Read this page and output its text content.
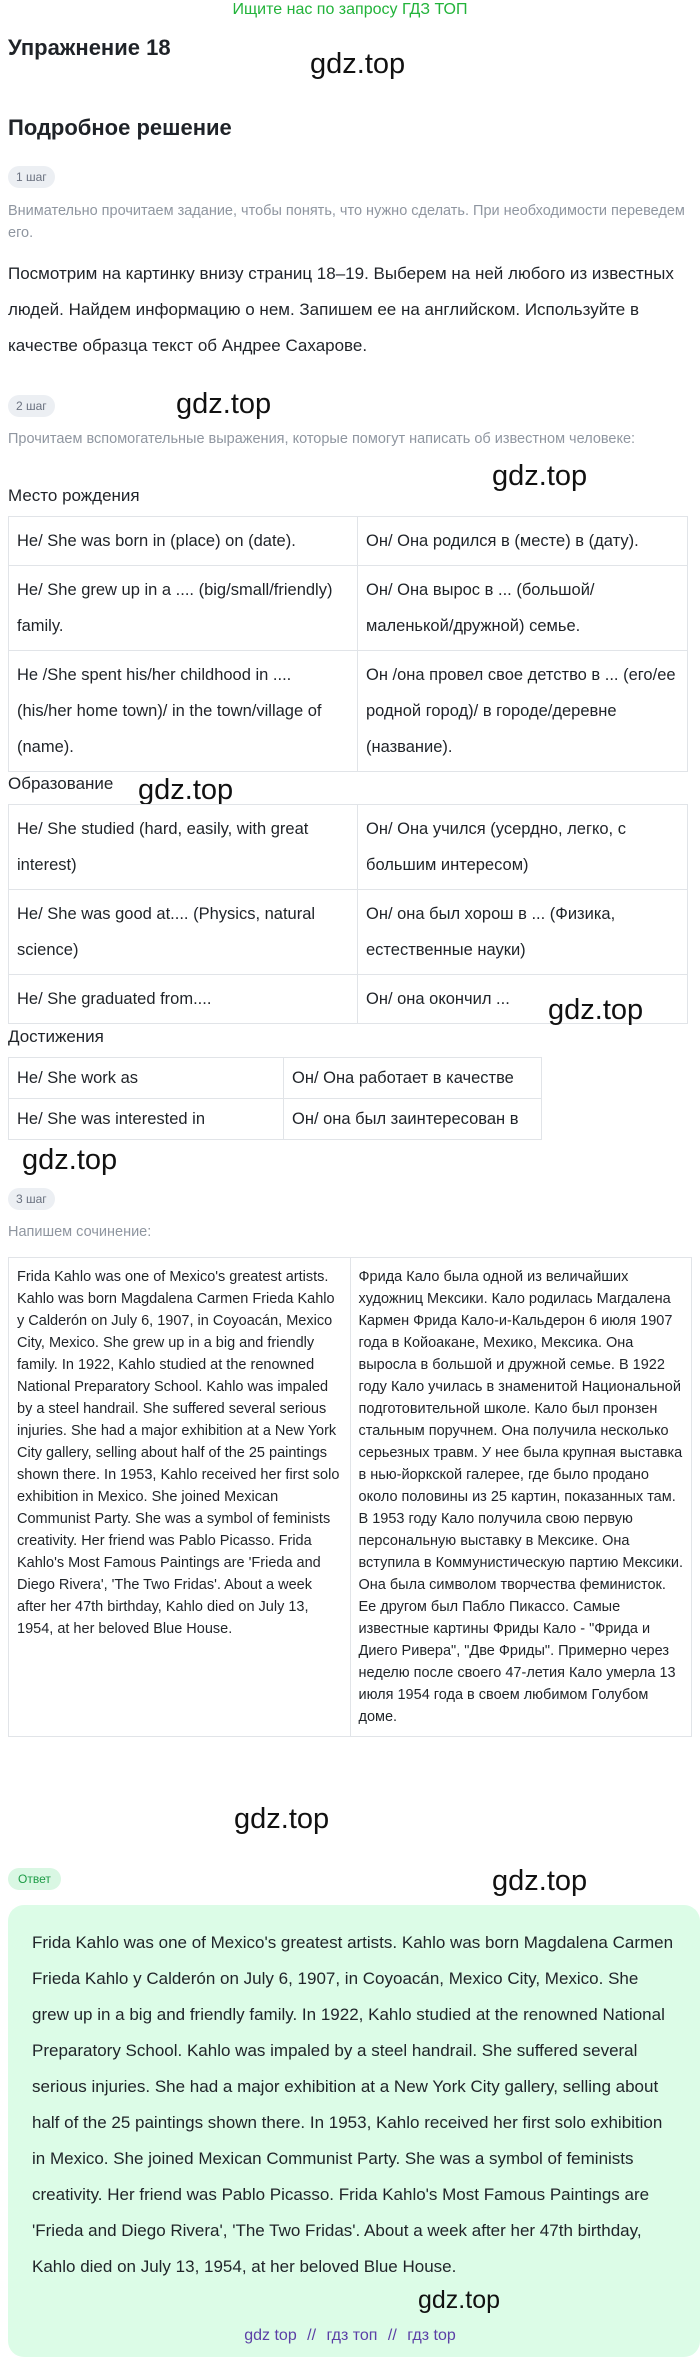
Ищите нас по запросу ГДЗ ТОП
Упражнение 18
gdz.top
Подробное решение
1 шаг
Внимательно прочитаем задание, чтобы понять, что нужно сделать. При необходимости переведем его.
Посмотрим на картинку внизу страниц 18–19. Выберем на ней любого из известных людей. Найдем информацию о нем. Запишем ее на английском. Используйте в качестве образца текст об Андрее Сахарове.
2 шаг	gdz.top
Прочитаем вспомогательные выражения, которые помогут написать об известном человеке:
gdz.top
Место рождения
He/ She was born in (place) on (date).	Он/ Она родился в (месте) в (дату).
He/ She grew up in a .... (big/small/friendly) family.	Он/ Она вырос в ... (большой/ маленькой/дружной) семье.
He /She spent his/her childhood in .... (his/her home town)/ in the town/village of (name).	Он /она провел свое детство в ... (его/ее родной город)/ в городе/деревне (название).
Образование gdz.top
He/ She studied (hard, easily, with great interest)	Он/ Она учился (усердно, легко, с большим интересом)
He/ She was good at.... (Physics, natural science)	Он/ она был хорош в ... (Физика, естественные науки)
He/ She graduated from....	Он/ она окончил ... gdz.top
Достижения
He/ She work as	Он/ Она работает в качестве
He/ She was interested in	Он/ она был заинтересован в
gdz.top
3 шаг
Напишем сочинение:
Frida Kahlo was one of Mexico's greatest artists. Kahlo was born Magdalena Carmen Frieda Kahlo y Calderón on July 6, 1907, in Coyoacán, Mexico City, Mexico. She grew up in a big and friendly family. In 1922, Kahlo studied at the renowned National Preparatory School. Kahlo was impaled by a steel handrail. She suffered several serious injuries. She had a major exhibition at a New York City gallery, selling about half of the 25 paintings shown there. In 1953, Kahlo received her first solo exhibition in Mexico. She joined Mexican Communist Party. She was a symbol of feminists creativity. Her friend was Pablo Picasso. Frida Kahlo's Most Famous Paintings are 'Frieda and Diego Rivera', 'The Two Fridas'. About a week after her 47th birthday, Kahlo died on July 13, 1954, at her beloved Blue House.	Фрида Кало была одной из величайших художниц Мексики. Кало родилась Магдалена Кармен Фрида Кало-и-Кальдерон 6 июля 1907 года в Койоакане, Мехико, Мексика. Она выросла в большой и дружной семье. В 1922 году Кало училась в знаменитой Национальной подготовительной школе. Кало был пронзен стальным поручнем. Она получила несколько серьезных травм. У нее была крупная выставка в нью-йоркской галерее, где было продано около половины из 25 картин, показанных там. В 1953 году Кало получила свою первую персональную выставку в Мексике. Она вступила в Коммунистическую партию Мексики. Она была символом творчества феминисток. Ее другом был Пабло Пикассо. Самые известные картины Фриды Кало - "Фрида и Диего Ривера", "Две Фриды". Примерно через неделю после своего 47-летия Кало умерла 13 июля 1954 года в своем любимом Голубом доме.
gdz.top
Ответ	gdz.top
Frida Kahlo was one of Mexico's greatest artists. Kahlo was born Magdalena Carmen Frieda Kahlo y Calderón on July 6, 1907, in Coyoacán, Mexico City, Mexico. She grew up in a big and friendly family. In 1922, Kahlo studied at the renowned National Preparatory School. Kahlo was impaled by a steel handrail. She suffered several serious injuries. She had a major exhibition at a New York City gallery, selling about half of the 25 paintings shown there. In 1953, Kahlo received her first solo exhibition in Mexico. She joined Mexican Communist Party. She was a symbol of feminists creativity. Her friend was Pablo Picasso. Frida Kahlo's Most Famous Paintings are 'Frieda and Diego Rivera', 'The Two Fridas'. About a week after her 47th birthday, Kahlo died on July 13, 1954, at her beloved Blue House.
gdz.top
gdz top // гдз топ // гдз top
